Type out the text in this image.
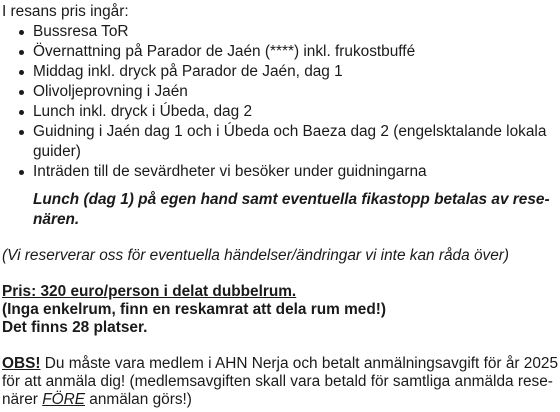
I resans pris ingår:
Bussresa ToR
Övernattning på Parador de Jaén (****) inkl. frukostbuffé
Middag inkl. dryck på Parador de Jaén, dag 1
Olivoljeprovning i Jaén
Lunch inkl. dryck i Úbeda, dag 2
Guidning i Jaén dag 1 och i Úbeda och Baeza dag 2 (engelsktalande lokala
guider)
Inträden till de sevärdheter vi besöker under guidningarna
Lunch (dag 1) på egen hand samt eventuella fikastopp betalas av rese-
nären.
(Vi reserverar oss för eventuella händelser/ändringar vi inte kan råda över)
Pris: 320 euro/person i delat dubbelrum.
(Inga enkelrum, finn en reskamrat att dela rum med!)
Det finns 28 platser.
OBS! Du måste vara medlem i AHN Nerja och betalt anmälningsavgift för år 2025
för att anmäla dig! (medlemsavgiften skall vara betald för samtliga anmälda rese-
närer FÖRE anmälan görs!)
